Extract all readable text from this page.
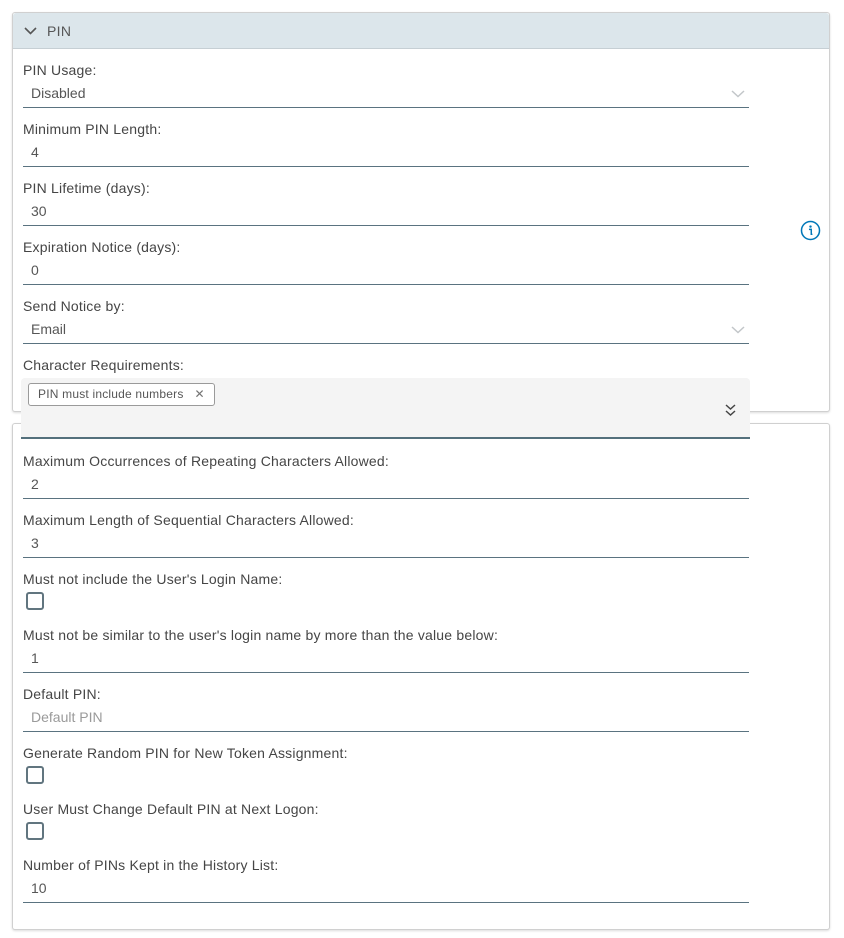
PIN
PIN Usage:
Disabled
Minimum PIN Length:
4
PIN Lifetime (days):
30
Expiration Notice (days):
0
Send Notice by:
Email
Character Requirements:
PIN must include numbers ✕
Maximum Occurrences of Repeating Characters Allowed:
2
Maximum Length of Sequential Characters Allowed:
3
Must not include the User's Login Name:
Must not be similar to the user's login name by more than the value below:
1
Default PIN:
Default PIN
Generate Random PIN for New Token Assignment:
User Must Change Default PIN at Next Logon:
Number of PINs Kept in the History List:
10
